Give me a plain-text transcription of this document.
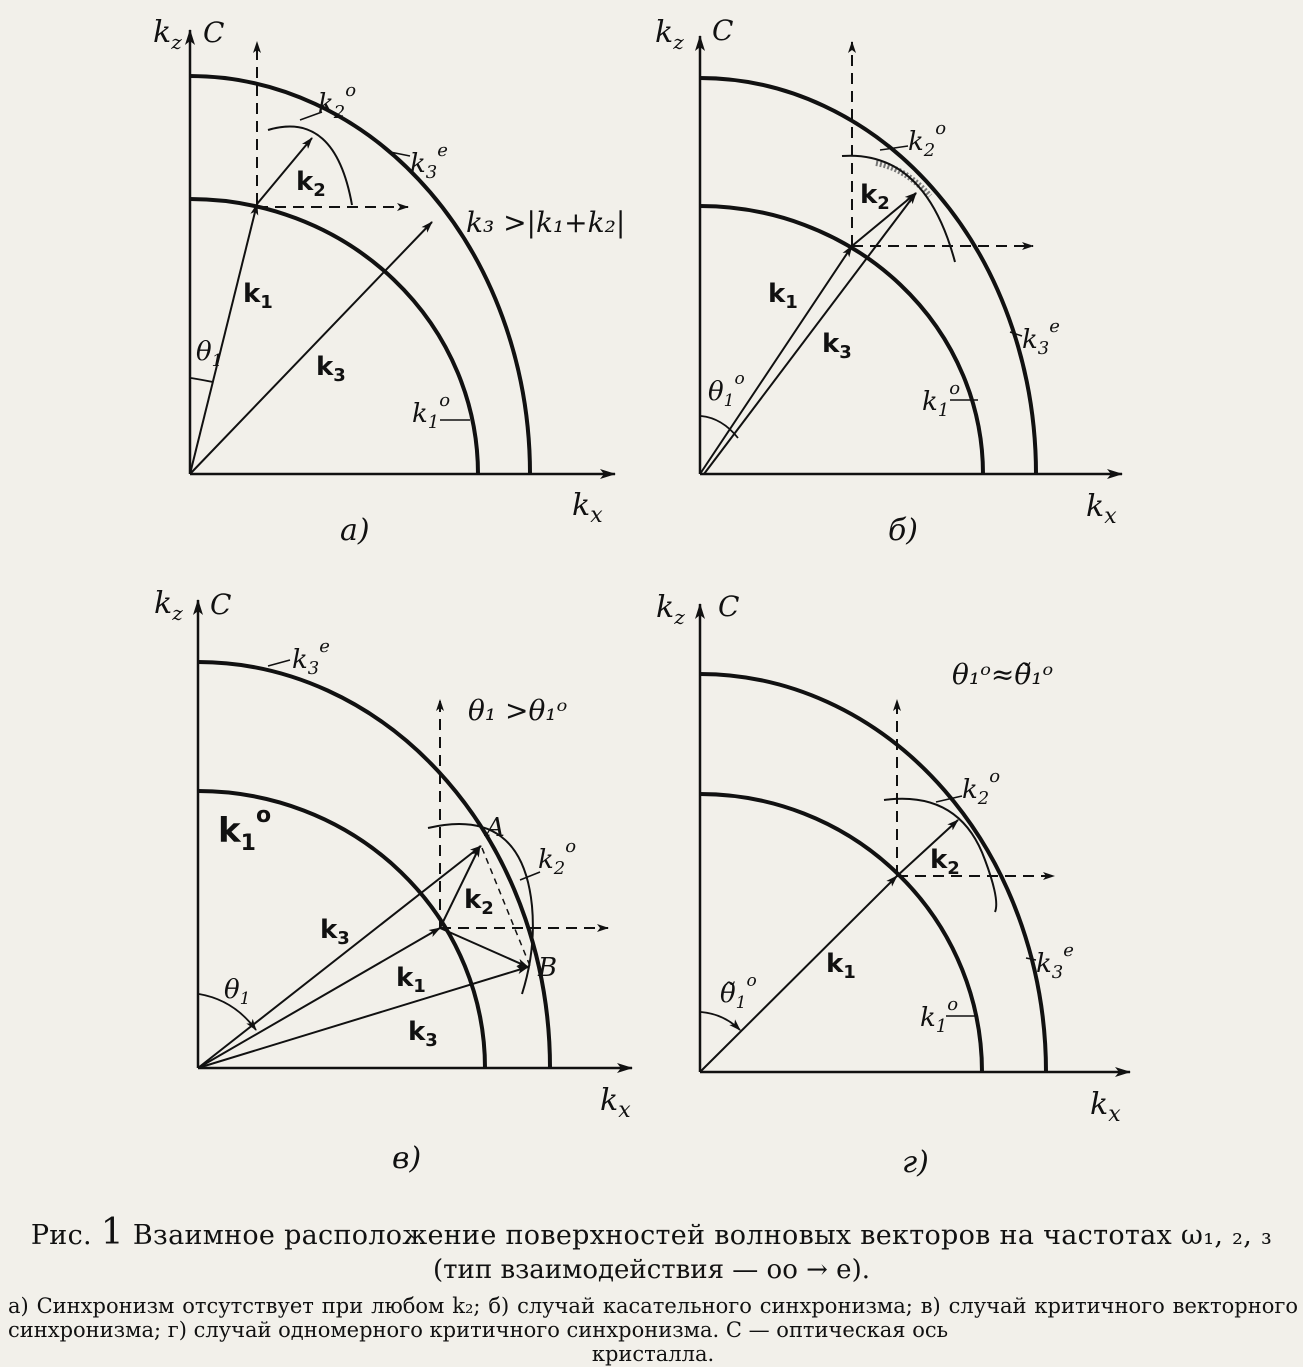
$k_z$ C
$k_x$
$k_2^o$
$k_3^e$
$k_1^o$
$k_2$
$k_1$
$k_3$
$\theta_1$
k₃ >|k₁+k₂|
а)
$k_z$ C
$k_x$
$k_2^o$
$k_3^e$
$k_1^o$
$k_2$
$k_1$
$k_3$
$\theta_1^o$
б)
$k_z$ C
$k_x$
$k_3^e$
$k_1^o$
θ₁ >θ₁ᵒ
A
B
$k_2^o$
$k_2$
$k_3$
$k_1$
$k_3$
$\theta_1$
в)
$k_z$ C
$k_x$
θ₁ᵒ≈θ̃₁ᵒ
$k_2^o$
$k_2$
$k_3^e$
$k_1$
$k_1^o$
$\thetã_1^o$
г)
Рис. 1 Взаимное расположение поверхностей волновых векторов на частотах ω₁, ₂, ₃
(тип взаимодействия — oo → e).
а) Синхронизм отсутствует при любом k₂; б) случай касательного синхронизма; в) случай критичного векторного синхронизма; г) случай одномерного критичного синхронизма. C — оптическая ось
кристалла.
